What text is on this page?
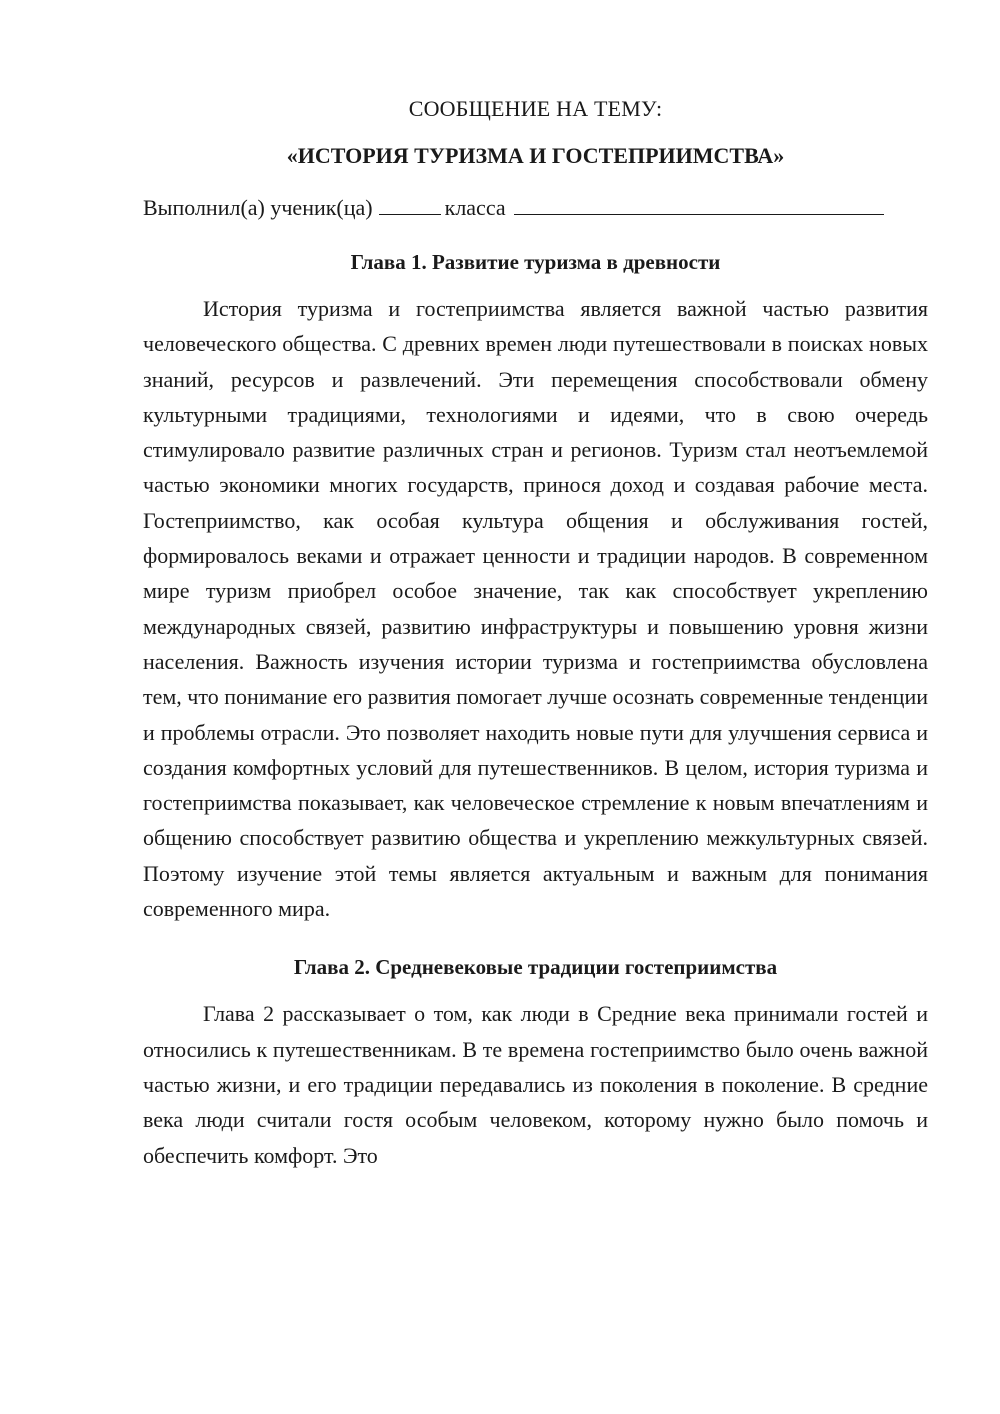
СООБЩЕНИЕ НА ТЕМУ:
«ИСТОРИЯ ТУРИЗМА И ГОСТЕПРИИМСТВА»

Выполнил(а) ученик(ца)	класса

Глава 1. Развитие туризма в древности

История туризма и гостеприимства является важной частью развития человеческого общества. С древних времен люди путешествовали в поисках новых знаний, ресурсов и развлечений. Эти перемещения способствовали обмену культурными традициями, технологиями и идеями, что в свою очередь стимулировало развитие различных стран и регионов. Туризм стал неотъемлемой частью экономики многих государств, принося доход и создавая рабочие места. Гостеприимство, как особая культура общения и обслуживания гостей, формировалось веками и отражает ценности и традиции народов. В современном мире туризм приобрел особое значение, так как способствует укреплению международных связей, развитию инфраструктуры и повышению уровня жизни населения. Важность изучения истории туризма и гостеприимства обусловлена тем, что понимание его развития помогает лучше осознать современные тенденции и проблемы отрасли. Это позволяет находить новые пути для улучшения сервиса и создания комфортных условий для путешественников. В целом, история туризма и гостеприимства показывает, как человеческое стремление к новым впечатлениям и общению способствует развитию общества и укреплению межкультурных связей. Поэтому изучение этой темы является актуальным и важным для понимания современного мира.

Глава 2. Средневековые традиции гостеприимства

Глава 2 рассказывает о том, как люди в Средние века принимали гостей и относились к путешественникам. В те времена гостеприимство было очень важной частью жизни, и его традиции передавались из поколения в поколение. В средние века люди считали гостя особым человеком, которому нужно было помочь и обеспечить комфорт. Это
